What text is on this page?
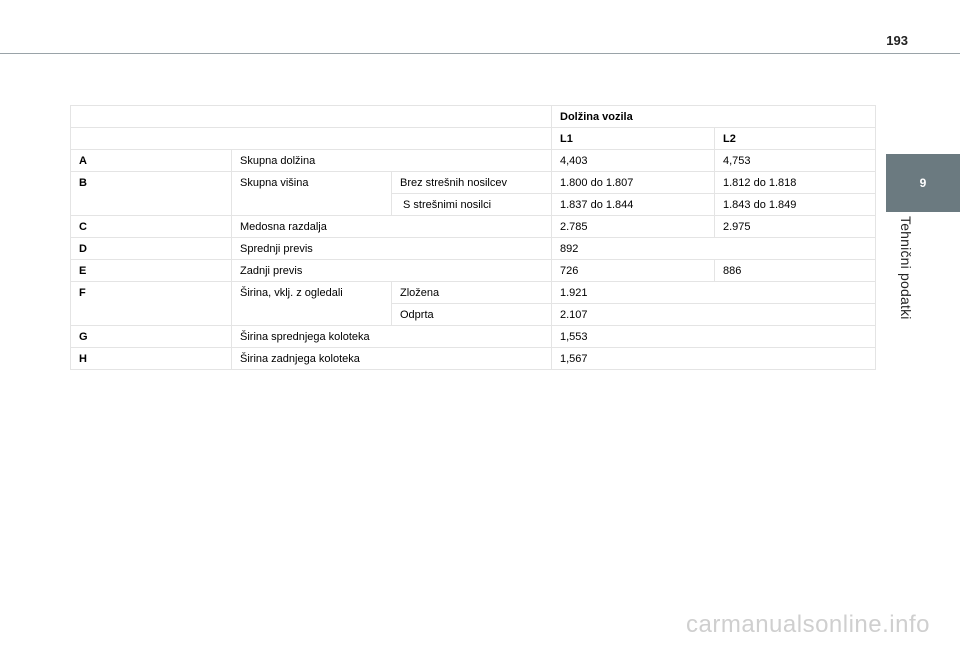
193
9
Tehnični podatki
			Dolžina vozila	
			L1	L2
A	Skupna dolžina		4,403	4,753
B	Skupna višina	Brez strešnih nosilcev	1.800 do 1.807	1.812 do 1.818
		S strešnimi nosilci	1.837 do 1.844	1.843 do 1.849
C	Medosna razdalja		2.785	2.975
D	Sprednji previs		892	
E	Zadnji previs		726	886
F	Širina, vklj. z ogledali	Zložena	1.921	
		Odprta	2.107	
G	Širina sprednjega koloteka		1,553	
H	Širina zadnjega koloteka		1,567	
carmanualsonline.info
